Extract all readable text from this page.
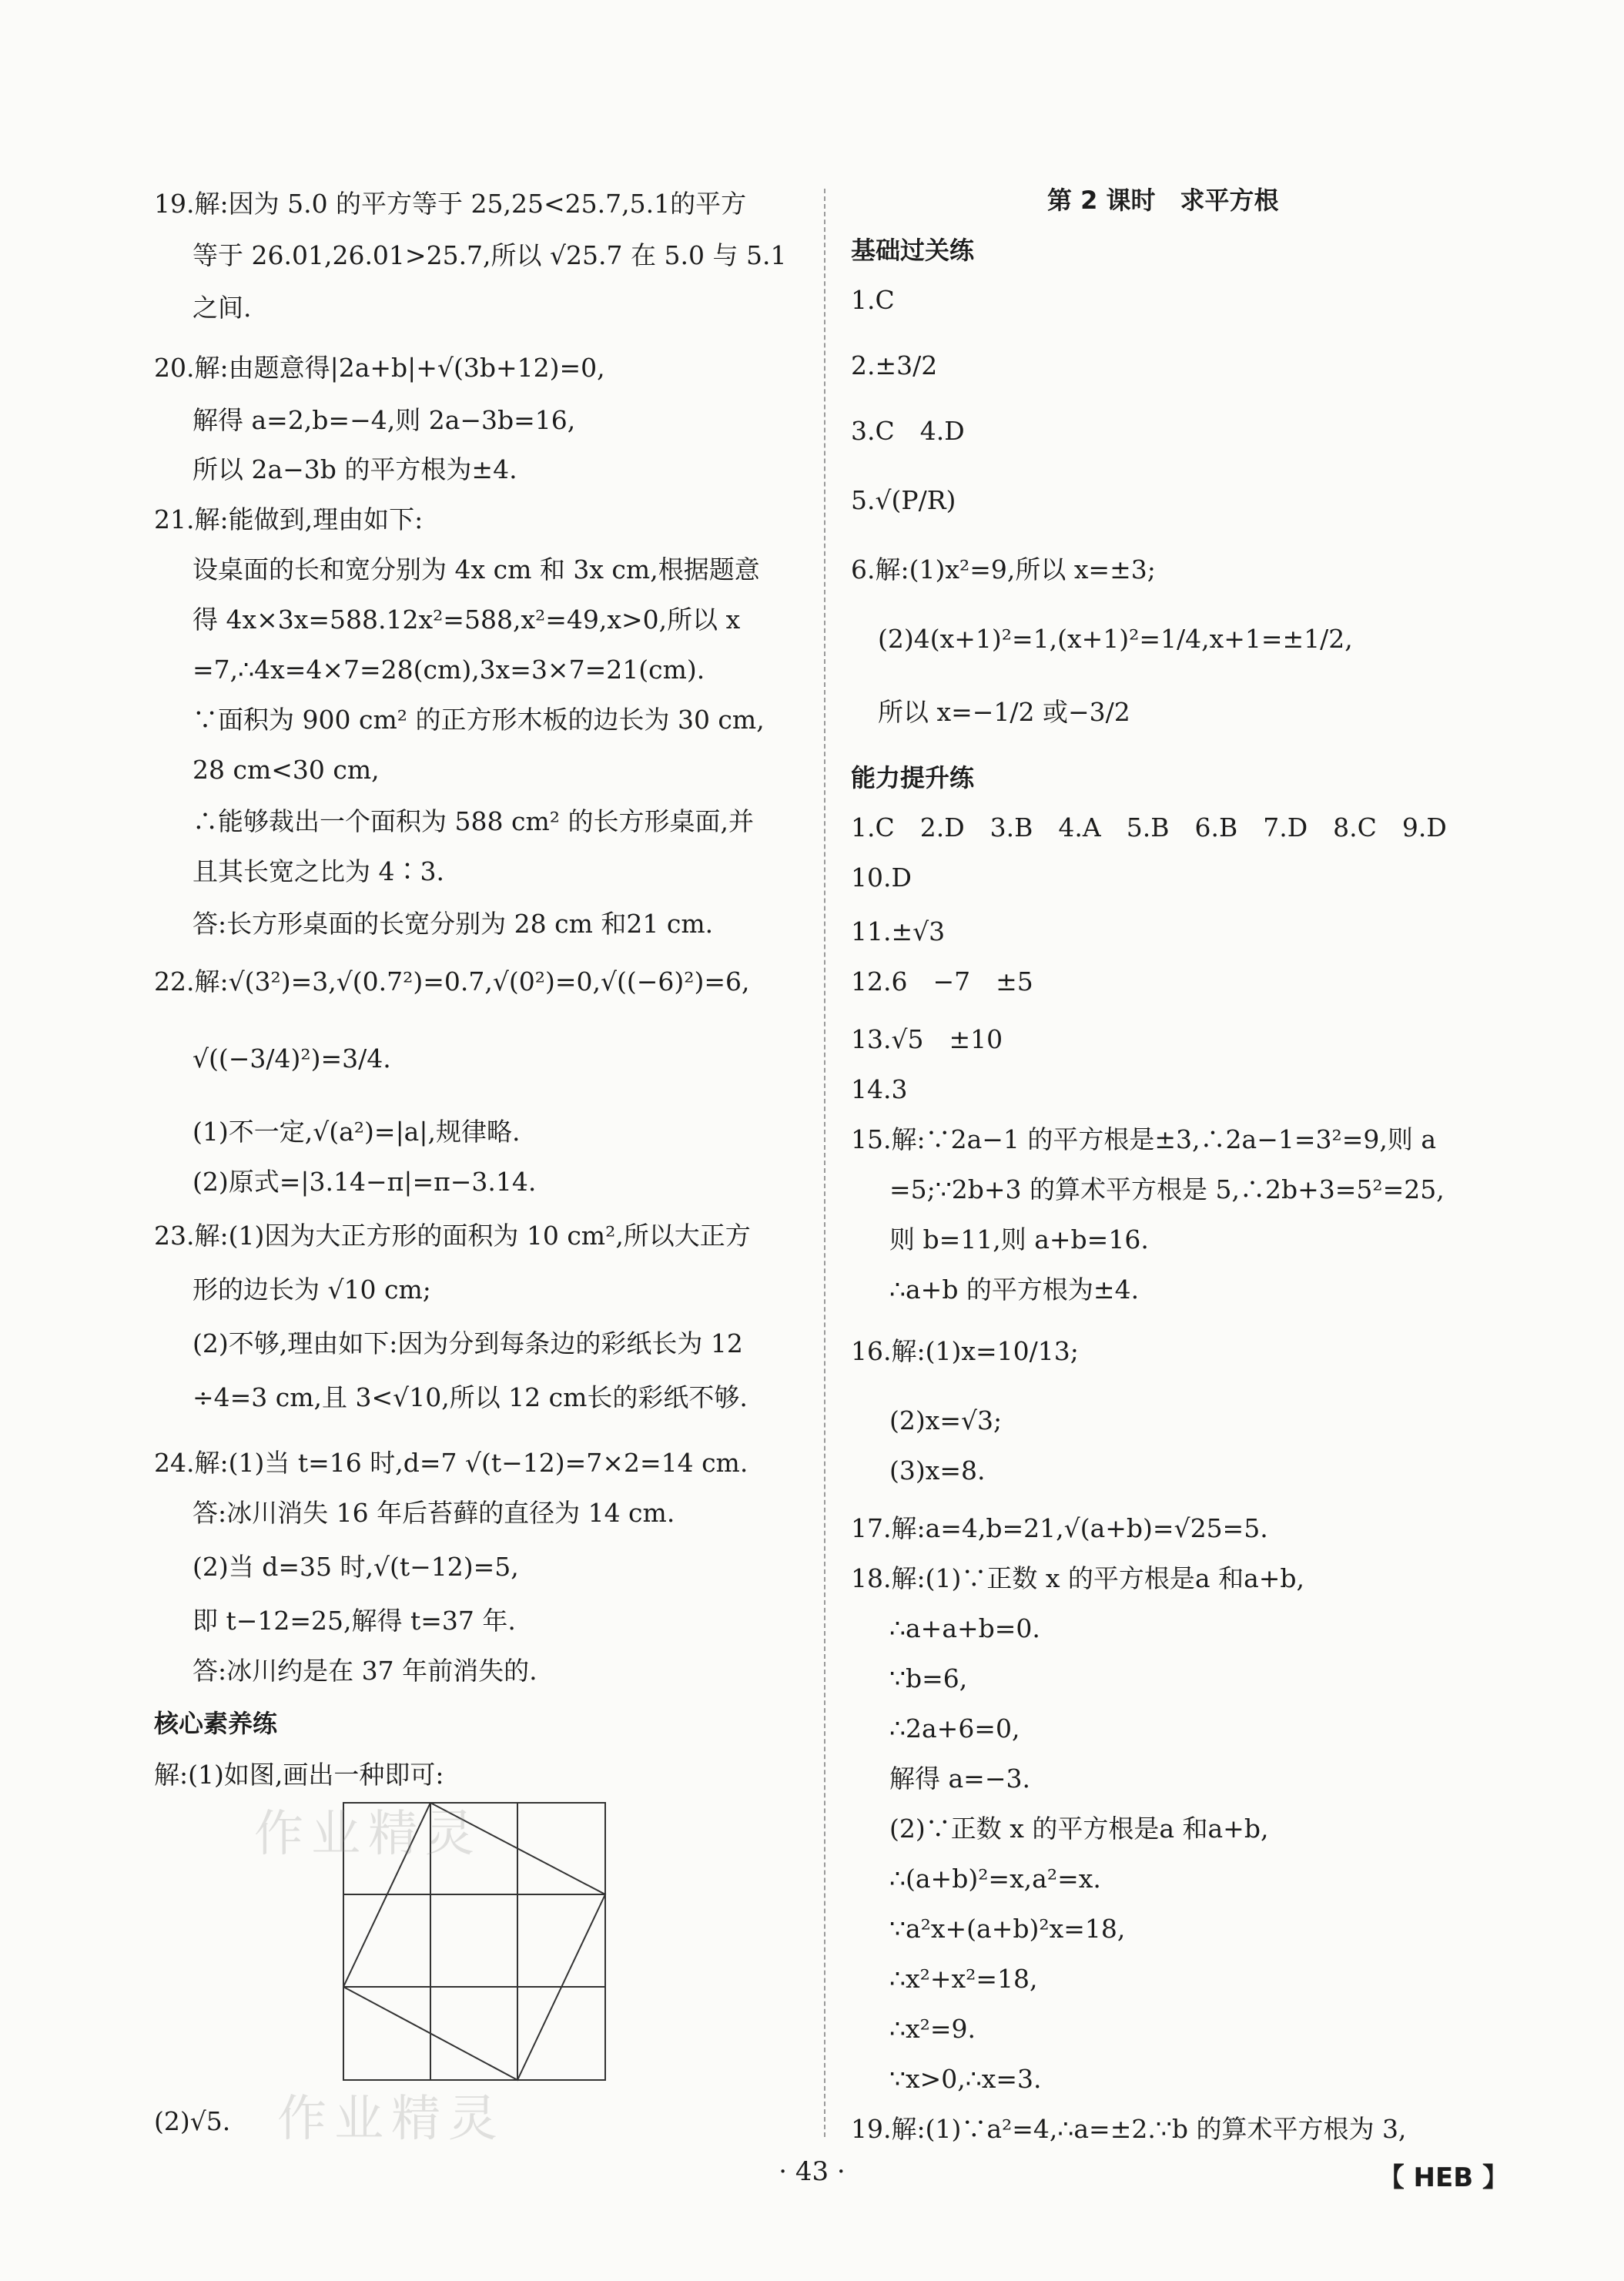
19.解:因为 5.0 的平方等于 25,25<25.7,5.1的平方
等于 26.01,26.01>25.7,所以 √25.7 在 5.0 与 5.1
之间.
20.解:由题意得|2a+b|+√(3b+12)=0,
解得 a=2,b=−4,则 2a−3b=16,
所以 2a−3b 的平方根为±4.
21.解:能做到,理由如下:
设桌面的长和宽分别为 4x cm 和 3x cm,根据题意
得 4x×3x=588.12x²=588,x²=49,x>0,所以 x
=7,∴4x=4×7=28(cm),3x=3×7=21(cm).
∵面积为 900 cm² 的正方形木板的边长为 30 cm,
28 cm<30 cm,
∴能够裁出一个面积为 588 cm² 的长方形桌面,并
且其长宽之比为 4∶3.
答:长方形桌面的长宽分别为 28 cm 和21 cm.
22.解:√(3²)=3,√(0.7²)=0.7,√(0²)=0,√((−6)²)=6,
√((−3/4)²)=3/4.
(1)不一定,√(a²)=|a|,规律略.
(2)原式=|3.14−π|=π−3.14.
23.解:(1)因为大正方形的面积为 10 cm²,所以大正方
形的边长为 √10 cm;
(2)不够,理由如下:因为分到每条边的彩纸长为 12
÷4=3 cm,且 3<√10,所以 12 cm长的彩纸不够.
24.解:(1)当 t=16 时,d=7 √(t−12)=7×2=14 cm.
答:冰川消失 16 年后苔藓的直径为 14 cm.
(2)当 d=35 时,√(t−12)=5,
即 t−12=25,解得 t=37 年.
答:冰川约是在 37 年前消失的.
核心素养练
解:(1)如图,画出一种即可:
(2)√5.
第 2 课时　求平方根
基础过关练
1.C
2.±3/2
3.C　4.D
5.√(P/R)
6.解:(1)x²=9,所以 x=±3;
(2)4(x+1)²=1,(x+1)²=1/4,x+1=±1/2,
所以 x=−1/2 或−3/2
能力提升练
1.C　2.D　3.B　4.A　5.B　6.B　7.D　8.C　9.D
10.D
11.±√3
12.6　−7　±5
13.√5　±10
14.3
15.解:∵2a−1 的平方根是±3,∴2a−1=3²=9,则 a
=5;∵2b+3 的算术平方根是 5,∴2b+3=5²=25,
则 b=11,则 a+b=16.
∴a+b 的平方根为±4.
16.解:(1)x=10/13;
(2)x=√3;
(3)x=8.
17.解:a=4,b=21,√(a+b)=√25=5.
18.解:(1)∵正数 x 的平方根是a 和a+b,
∴a+a+b=0.
∵b=6,
∴2a+6=0,
解得 a=−3.
(2)∵正数 x 的平方根是a 和a+b,
∴(a+b)²=x,a²=x.
∵a²x+(a+b)²x=18,
∴x²+x²=18,
∴x²=9.
∵x>0,∴x=3.
19.解:(1)∵a²=4,∴a=±2.∵b 的算术平方根为 3,
作业精灵
作业精灵
· 43 ·	【 HEB 】
